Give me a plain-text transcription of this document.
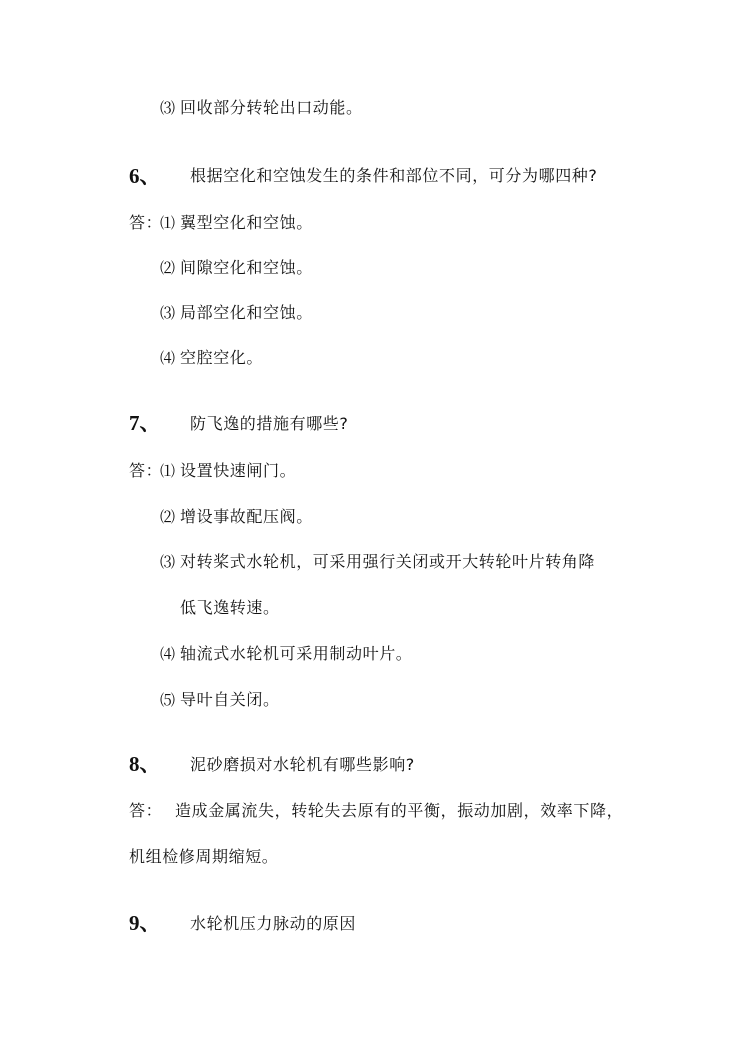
⑶ 回收部分转轮出口动能。
6、 根据空化和空蚀发生的条件和部位不同，可分为哪四种?
答：
⑴ 翼型空化和空蚀。
⑵ 间隙空化和空蚀。
⑶ 局部空化和空蚀。
⑷ 空腔空化。
7、 防飞逸的措施有哪些?
答：
⑴ 设置快速闸门。
⑵ 增设事故配压阀。
⑶ 对转桨式水轮机，可采用强行关闭或开大转轮叶片转角降
低飞逸转速。
⑷ 轴流式水轮机可采用制动叶片。
⑸ 导叶自关闭。
8、 泥砂磨损对水轮机有哪些影响?
答： 造成金属流失，转轮失去原有的平衡，振动加剧，效率下降，
机组检修周期缩短。
9、 水轮机压力脉动的原因
